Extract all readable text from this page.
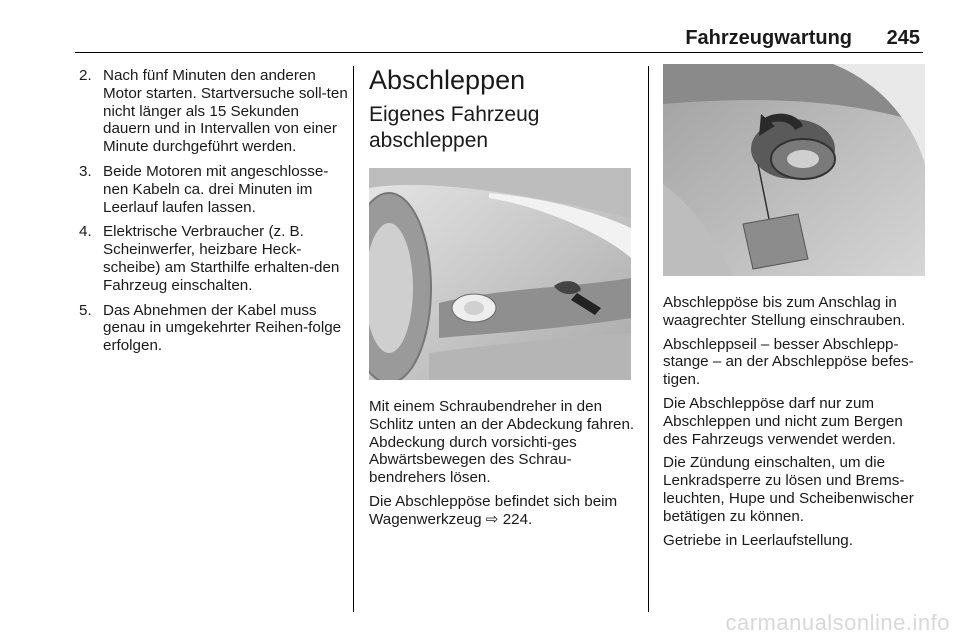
Fahrzeugwartung 245
2. Nach fünf Minuten den anderen Motor starten. Startversuche soll-ten nicht länger als 15 Sekunden dauern und in Intervallen von einer Minute durchgeführt werden.
3. Beide Motoren mit angeschlosse-nen Kabeln ca. drei Minuten im Leerlauf laufen lassen.
4. Elektrische Verbraucher (z. B. Scheinwerfer, heizbare Heck-scheibe) am Starthilfe erhalten-den Fahrzeug einschalten.
5. Das Abnehmen der Kabel muss genau in umgekehrter Reihen-folge erfolgen.
Abschleppen
Eigenes Fahrzeug abschleppen

Mit einem Schraubendreher in den Schlitz unten an der Abdeckung fahren. Abdeckung durch vorsichti-ges Abwärtsbewegen des Schrau-bendrehers lösen.

Die Abschleppöse befindet sich beim Wagenwerkzeug ⇨ 224.

Abschleppöse bis zum Anschlag in waagrechter Stellung einschrauben.

Abschleppseil – besser Abschlepp-stange – an der Abschleppöse befes-tigen.

Die Abschleppöse darf nur zum Abschleppen und nicht zum Bergen des Fahrzeugs verwendet werden.

Die Zündung einschalten, um die Lenkradsperre zu lösen und Brems-leuchten, Hupe und Scheibenwischer betätigen zu können.

Getriebe in Leerlaufstellung.

carmanualsonline.info
